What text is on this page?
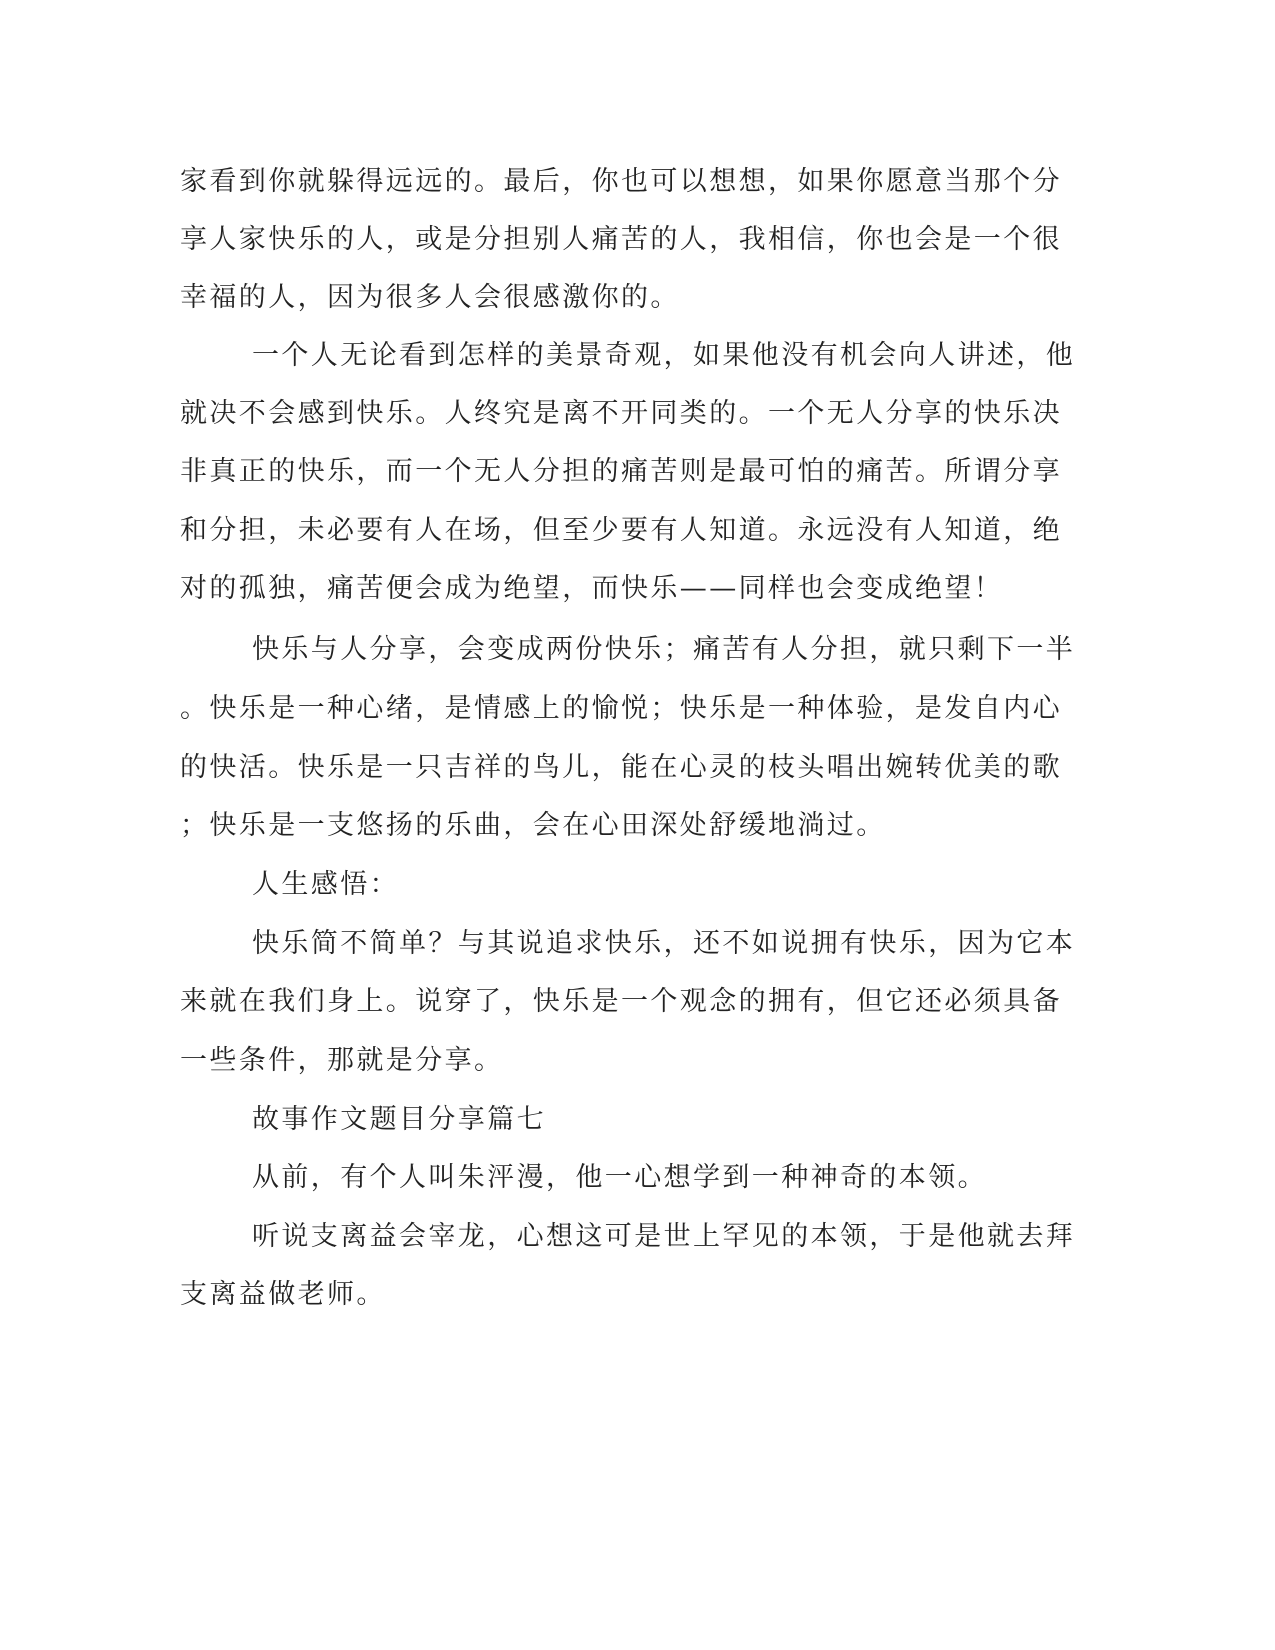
家看到你就躲得远远的。最后，你也可以想想，如果你愿意当那个分
享人家快乐的人，或是分担别人痛苦的人，我相信，你也会是一个很
幸福的人，因为很多人会很感激你的。
一个人无论看到怎样的美景奇观，如果他没有机会向人讲述，他
就决不会感到快乐。人终究是离不开同类的。一个无人分享的快乐决
非真正的快乐，而一个无人分担的痛苦则是最可怕的痛苦。所谓分享
和分担，未必要有人在场，但至少要有人知道。永远没有人知道，绝
对的孤独，痛苦便会成为绝望，而快乐——同样也会变成绝望！
快乐与人分享，会变成两份快乐；痛苦有人分担，就只剩下一半
。快乐是一种心绪，是情感上的愉悦；快乐是一种体验，是发自内心
的快活。快乐是一只吉祥的鸟儿，能在心灵的枝头唱出婉转优美的歌
；快乐是一支悠扬的乐曲，会在心田深处舒缓地淌过。
人生感悟：
快乐简不简单？与其说追求快乐，还不如说拥有快乐，因为它本
来就在我们身上。说穿了，快乐是一个观念的拥有，但它还必须具备
一些条件，那就是分享。
故事作文题目分享篇七
从前，有个人叫朱泙漫，他一心想学到一种神奇的本领。
听说支离益会宰龙，心想这可是世上罕见的本领，于是他就去拜
支离益做老师。
